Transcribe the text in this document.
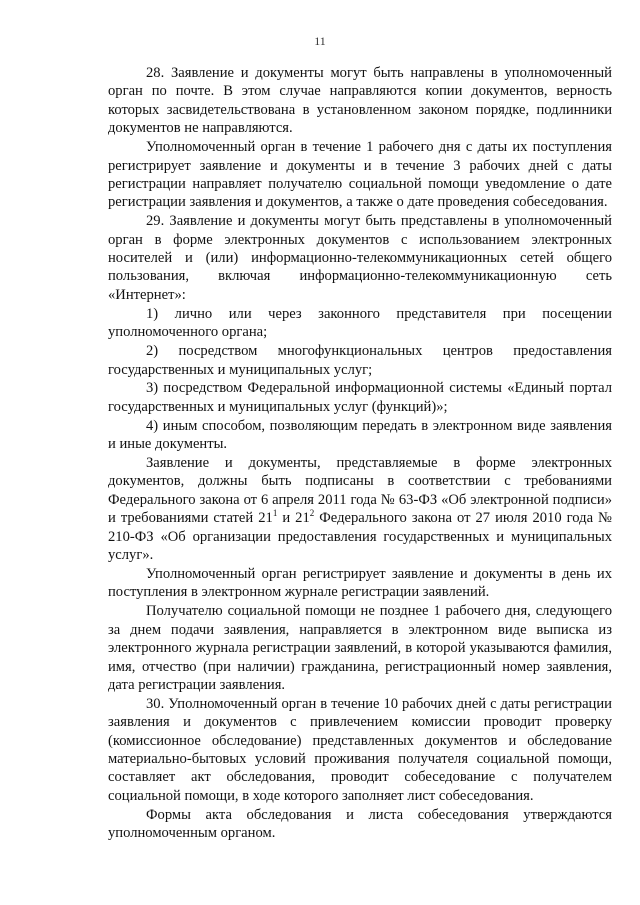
11

28. Заявление и документы могут быть направлены в уполномоченный орган по почте. В этом случае направляются копии документов, верность которых засвидетельствована в установленном законом порядке, подлинники документов не направляются.

Уполномоченный орган в течение 1 рабочего дня с даты их поступления регистрирует заявление и документы и в течение 3 рабочих дней с даты регистрации направляет получателю социальной помощи уведомление о дате регистрации заявления и документов, а также о дате проведения собеседования.

29. Заявление и документы могут быть представлены в уполномоченный орган в форме электронных документов с использованием электронных носителей и (или) информационно-телекоммуникационных сетей общего пользования, включая информационно-телекоммуникационную сеть «Интернет»:

1) лично или через законного представителя при посещении уполномоченного органа;

2) посредством многофункциональных центров предоставления государственных и муниципальных услуг;

3) посредством Федеральной информационной системы «Единый портал государственных и муниципальных услуг (функций)»;

4) иным способом, позволяющим передать в электронном виде заявления и иные документы.

Заявление и документы, представляемые в форме электронных документов, должны быть подписаны в соответствии с требованиями Федерального закона от 6 апреля 2011 года № 63-ФЗ «Об электронной подписи» и требованиями статей $21^1$ и $21^2$ Федерального закона от 27 июля 2010 года № 210-ФЗ «Об организации предоставления государственных и муниципальных услуг».

Уполномоченный орган регистрирует заявление и документы в день их поступления в электронном журнале регистрации заявлений.

Получателю социальной помощи не позднее 1 рабочего дня, следующего за днем подачи заявления, направляется в электронном виде выписка из электронного журнала регистрации заявлений, в которой указываются фамилия, имя, отчество (при наличии) гражданина, регистрационный номер заявления, дата регистрации заявления.

30. Уполномоченный орган в течение 10 рабочих дней с даты регистрации заявления и документов с привлечением комиссии проводит проверку (комиссионное обследование) представленных документов и обследование материально-бытовых условий проживания получателя социальной помощи, составляет акт обследования, проводит собеседование с получателем социальной помощи, в ходе которого заполняет лист собеседования.

Формы акта обследования и листа собеседования утверждаются уполномоченным органом.
